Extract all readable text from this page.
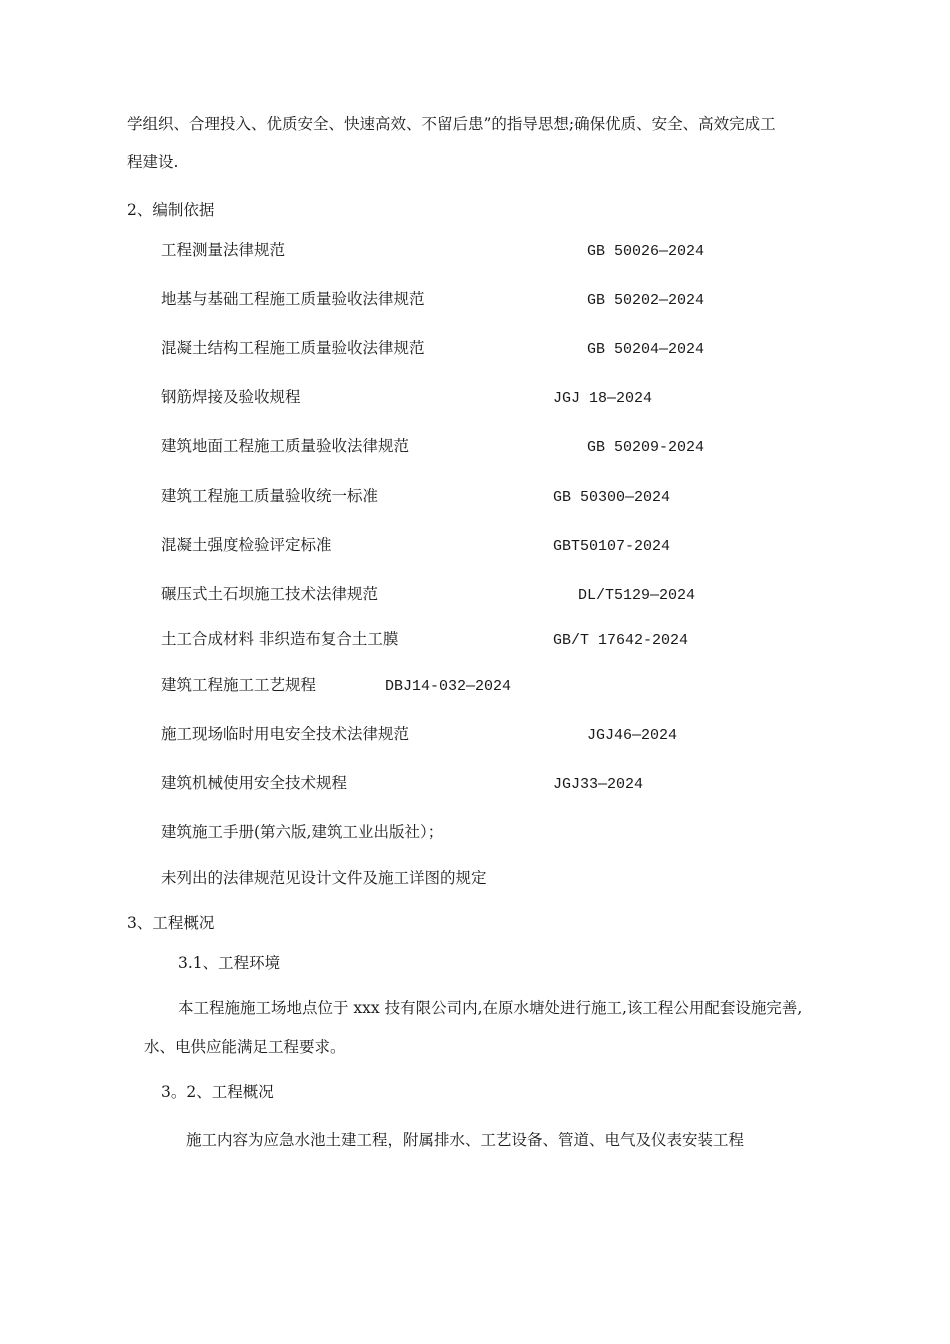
学组织、合理投入、优质安全、快速高效、不留后患”的指导思想;确保优质、安全、高效完成工
程建设.
2、编制依据
工程测量法律规范	GB 50026—2024
地基与基础工程施工质量验收法律规范	GB 50202—2024
混凝土结构工程施工质量验收法律规范	GB 50204—2024
钢筋焊接及验收规程	JGJ 18—2024
建筑地面工程施工质量验收法律规范	GB 50209-2024
建筑工程施工质量验收统一标准	GB 50300—2024
混凝土强度检验评定标准	GBT50107-2024
碾压式土石坝施工技术法律规范	DL/T5129—2024
土工合成材料 非织造布复合土工膜	GB/T 17642-2024
建筑工程施工工艺规程	DBJ14-032—2024
施工现场临时用电安全技术法律规范	JGJ46—2024
建筑机械使用安全技术规程	JGJ33—2024
建筑施工手册(第六版,建筑工业出版社）；
未列出的法律规范见设计文件及施工详图的规定
3、工程概况
3.1、工程环境
本工程施施工场地点位于 xxx 技有限公司内,在原水塘处进行施工,该工程公用配套设施完善,
水、电供应能满足工程要求。
3。2、工程概况
施工内容为应急水池土建工程，附属排水、工艺设备、管道、电气及仪表安装工程
